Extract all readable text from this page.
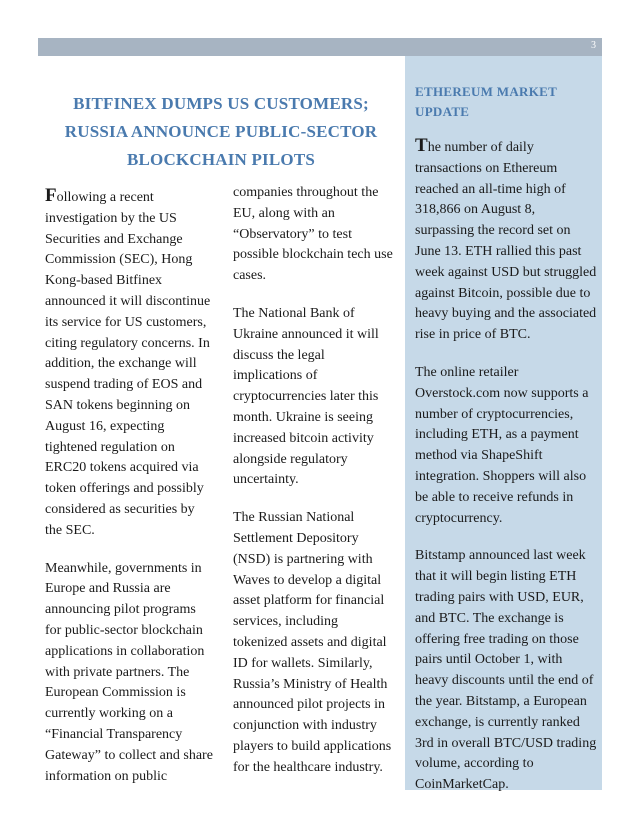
3
ETHEREUM MARKET UPDATE
BITFINEX DUMPS US CUSTOMERS; RUSSIA ANNOUNCE PUBLIC-SECTOR BLOCKCHAIN PILOTS

Following a recent investigation by the US Securities and Exchange Commission (SEC), Hong Kong-based Bitfinex announced it will discontinue its service for US customers, citing regulatory concerns. In addition, the exchange will suspend trading of EOS and SAN tokens beginning on August 16, expecting tightened regulation on ERC20 tokens acquired via token offerings and possibly considered as securities by the SEC.

Meanwhile, governments in Europe and Russia are announcing pilot programs for public-sector blockchain applications in collaboration with private partners. The European Commission is currently working on a “Financial Transparency Gateway” to collect and share information on public

companies throughout the EU, along with an “Observatory” to test possible blockchain tech use cases.

The National Bank of Ukraine announced it will discuss the legal implications of cryptocurrencies later this month. Ukraine is seeing increased bitcoin activity alongside regulatory uncertainty.

The Russian National Settlement Depository (NSD) is partnering with Waves to develop a digital asset platform for financial services, including tokenized assets and digital ID for wallets. Similarly, Russia’s Ministry of Health announced pilot projects in conjunction with industry players to build applications for the healthcare industry.

The number of daily transactions on Ethereum reached an all-time high of 318,866 on August 8, surpassing the record set on June 13. ETH rallied this past week against USD but struggled against Bitcoin, possible due to heavy buying and the associated rise in price of BTC.

The online retailer Overstock.com now supports a number of cryptocurrencies, including ETH, as a payment method via ShapeShift integration. Shoppers will also be able to receive refunds in cryptocurrency.

Bitstamp announced last week that it will begin listing ETH trading pairs with USD, EUR, and BTC. The exchange is offering free trading on those pairs until October 1, with heavy discounts until the end of the year. Bitstamp, a European exchange, is currently ranked 3rd in overall BTC/USD trading volume, according to CoinMarketCap.
